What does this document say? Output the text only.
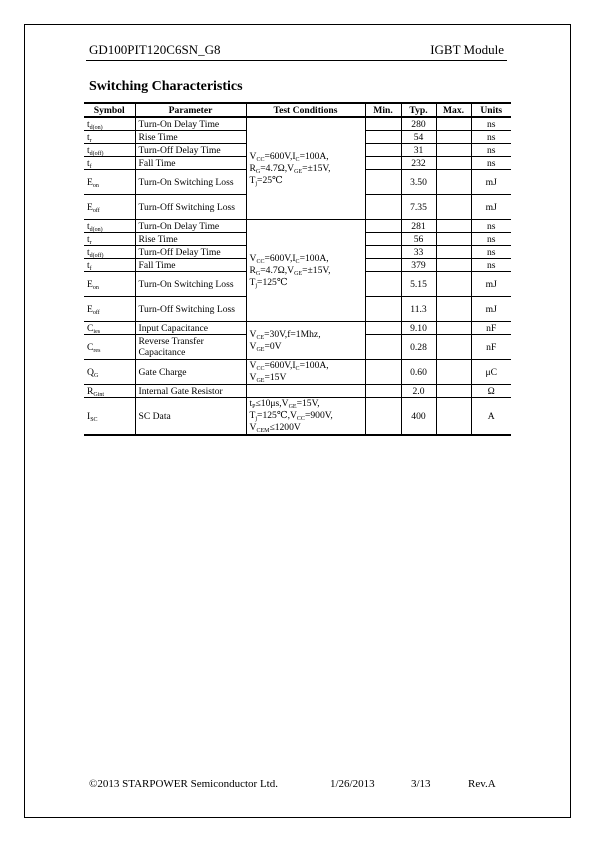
GD100PIT120C6SN_G8	IGBT Module
Switching Characteristics
Symbol	Parameter	Test Conditions	Min.	Typ.	Max.	Units
$t_{d(on)}$	Turn-On Delay Time	$V_{CC}=600V,I_C=100A$,
$R_G=4.7\Omega,V_{GE}=\pm 15V$,
$T_j=25℃$		280		ns
$t_r$	Rise Time			54		ns
$t_{d(off)}$	Turn-Off Delay Time			31		ns
$t_f$	Fall Time			232		ns
$E_{on}$	Turn-On Switching Loss			3.50		mJ
$E_{off}$	Turn-Off Switching Loss			7.35		mJ
$t_{d(on)}$	Turn-On Delay Time	$V_{CC}=600V,I_C=100A$,
$R_G=4.7\Omega,V_{GE}=\pm 15V$,
$T_j=125℃$		281		ns
$t_r$	Rise Time			56		ns
$t_{d(off)}$	Turn-Off Delay Time			33		ns
$t_f$	Fall Time			379		ns
$E_{on}$	Turn-On Switching Loss			5.15		mJ
$E_{off}$	Turn-Off Switching Loss			11.3		mJ
$C_{ies}$	Input Capacitance	$V_{CE}=30V,f=1Mhz$,
$V_{GE}=0V$		9.10		nF
$C_{res}$	Reverse Transfer Capacitance			0.28		nF
$Q_G$	Gate Charge	$V_{CC}=600V,I_C=100A$,
$V_{GE}=15V$		0.60		μC
$R_{Gint}$	Internal Gate Resistor			2.0		Ω
$I_{SC}$	SC Data	$t_P\le 10\mu s,V_{GE}=15V$,
$T_j=125℃,V_{CC}=900V$,
$V_{CEM}\le 1200V$		400		A
©2013 STARPOWER Semiconductor Ltd.	1/26/2013	3/13	Rev.A
